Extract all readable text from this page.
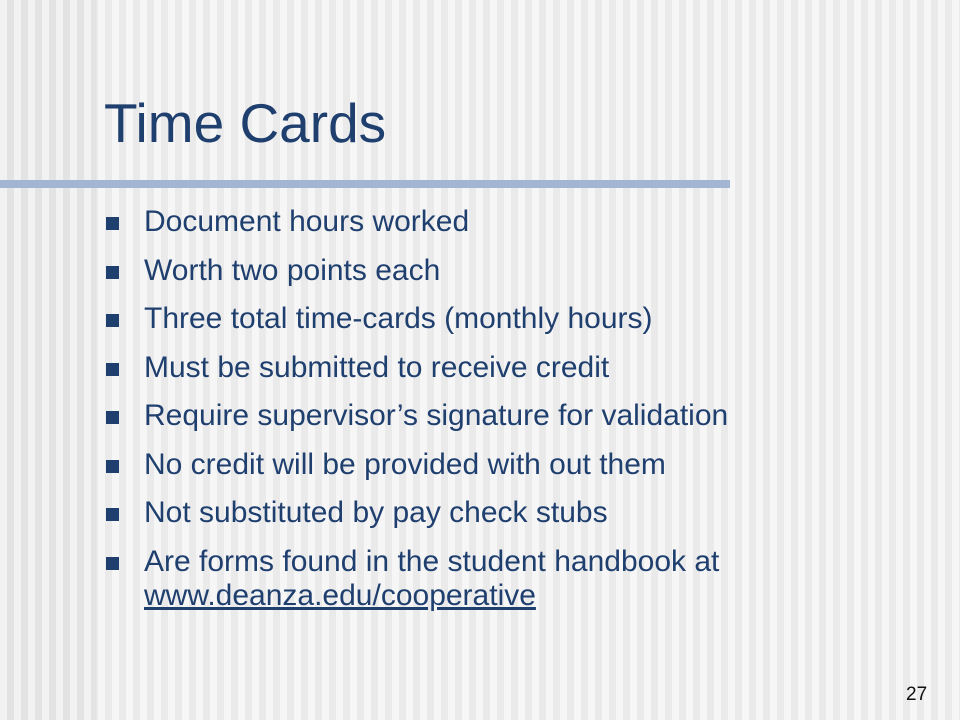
Time Cards
Document hours worked
Worth two points each
Three total time-cards (monthly hours)
Must be submitted to receive credit
Require supervisor’s signature for validation
No credit will be provided with out them
Not substituted by pay check stubs
Are forms found in the student handbook at
www.deanza.edu/cooperative
27
